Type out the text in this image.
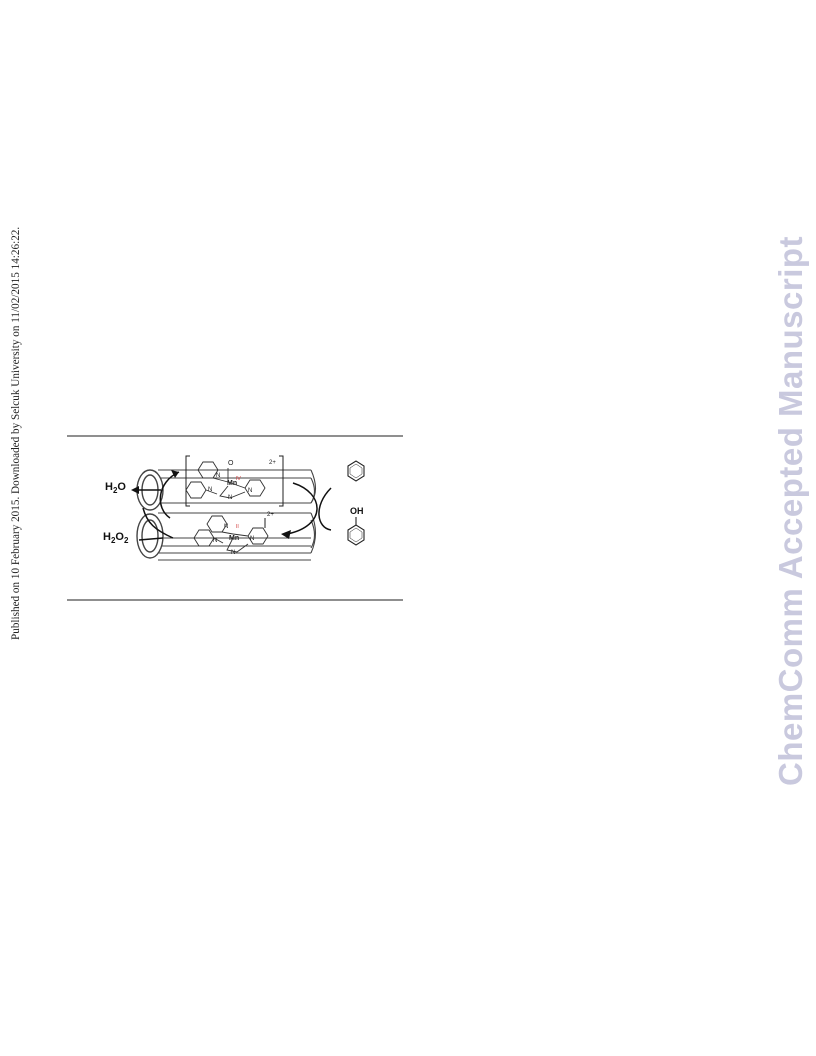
Published on 10 February 2015. Downloaded by Selcuk University on 11/02/2015 14:26:22.	ChemComm Accepted Manuscript
$H_2O$
$H_2O_2$
OH
Mn
O
IV
2+
N
N	N
N
Mn
II
2+
N
N	N
N
